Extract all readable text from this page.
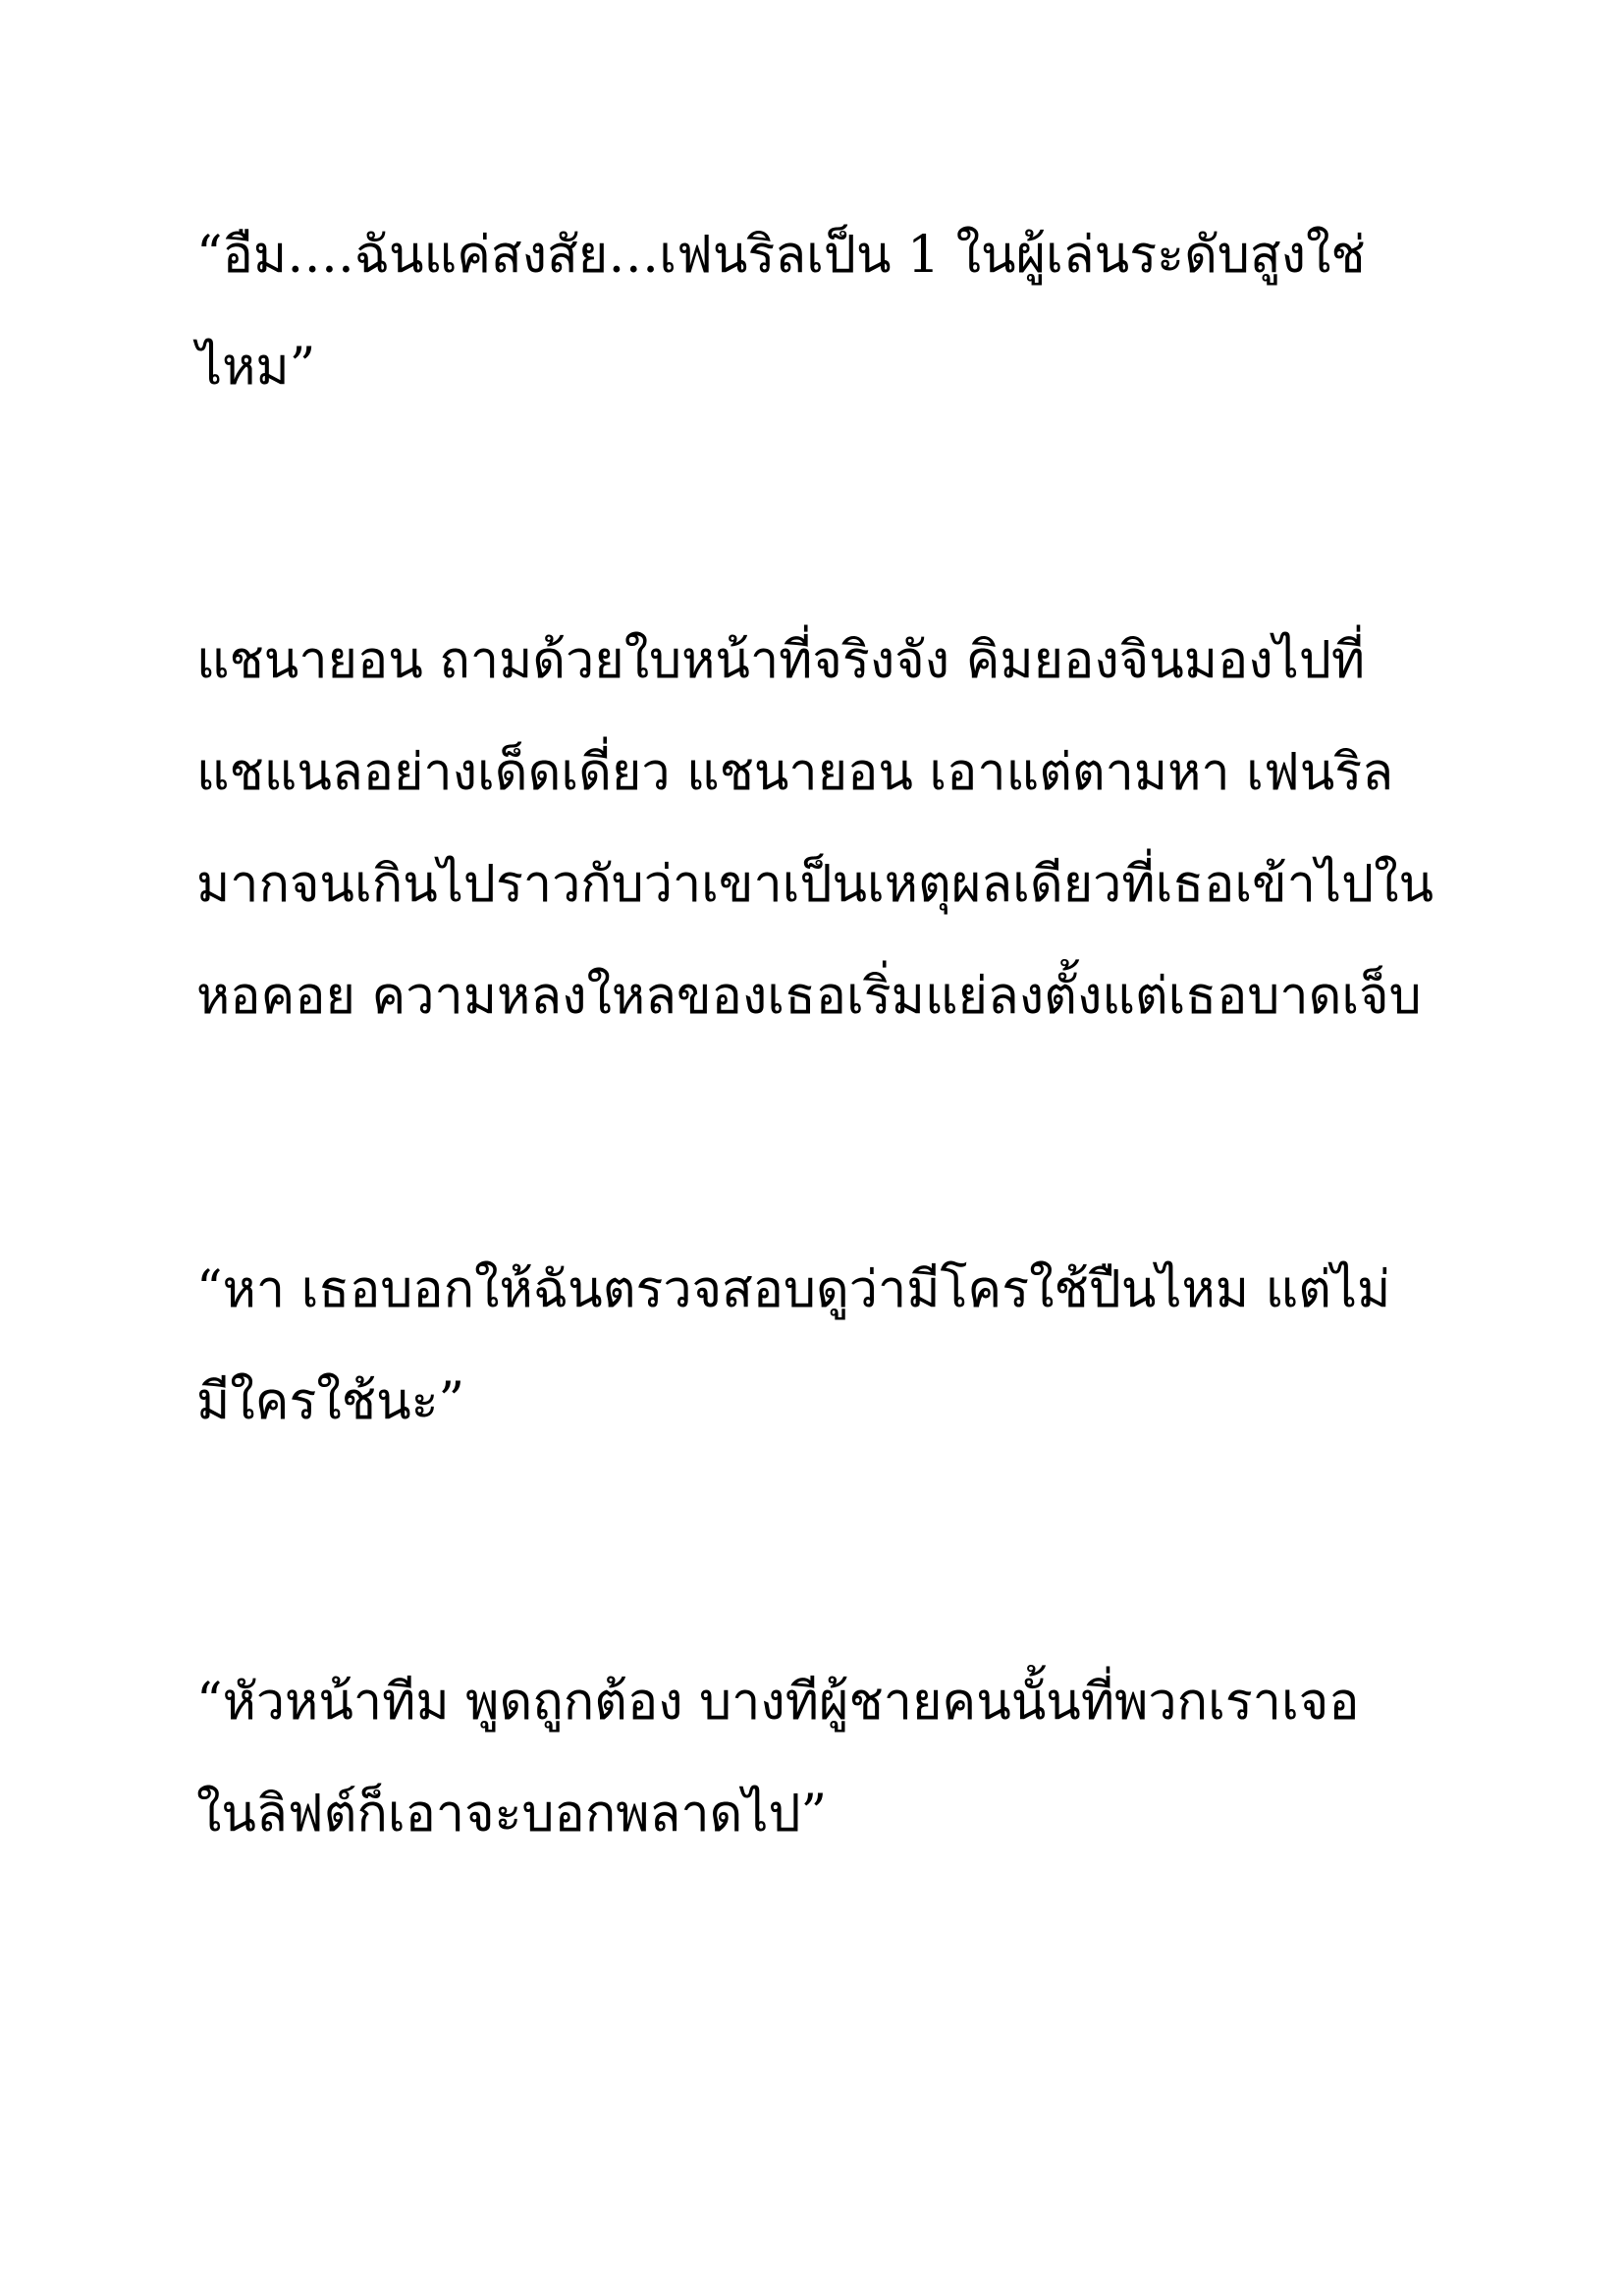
“อืม….ฉันแค่สงสัย…เฟนริลเป็น 1 ในผู้เล่นระดับสูงใช่
ไหม”
แชนายอน ถามด้วยใบหน้าที่จริงจัง คิมยองจินมองไปที่
แชแนลอย่างเด็ดเดี่ยว แชนายอน เอาแต่ตามหา เฟนริล
มากจนเกินไปราวกับว่าเขาเป็นเหตุผลเดียวที่เธอเข้าไปใน
หอคอย ความหลงใหลของเธอเริ่มแย่ลงตั้งแต่เธอบาดเจ็บ
“หา เธอบอกให้ฉันตรวจสอบดูว่ามีโครใช้ปืนไหม แต่ไม่
มีใครใช้นะ”
“หัวหน้าทีม พูดถูกต้อง บางทีผู้ชายคนนั้นที่พวกเราเจอ
ในลิฟต์ก็เอาจะบอกพลาดไป”
